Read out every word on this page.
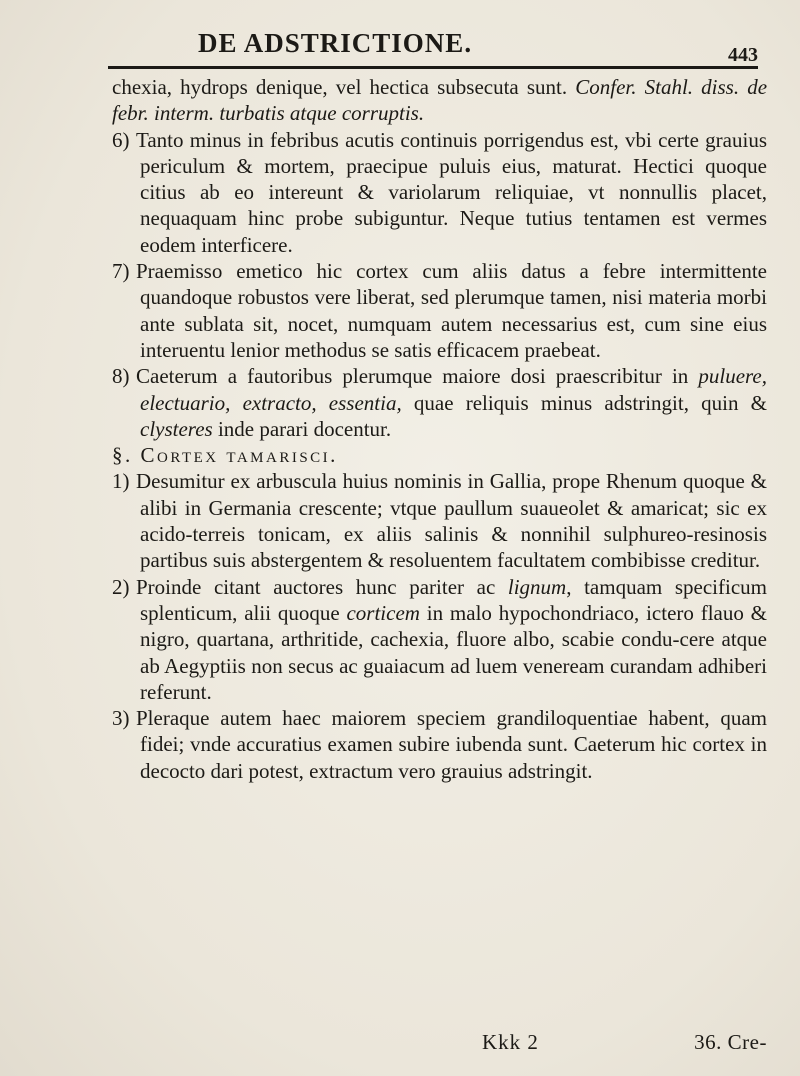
DE ADSTRICTIONE.	443

chexia, hydrops denique, vel hectica subsecuta sunt. Confer. Stahl. diss. de febr. interm. turbatis atque corruptis.

6) Tanto minus in febribus acutis continuis porrigendus est, vbi certe grauius periculum & mortem, praecipue puluis eius, maturat. Hectici quoque citius ab eo intereunt & variolarum reliquiae, vt nonnullis placet, nequaquam hinc probe subiguntur. Neque tutius tentamen est vermes eodem interficere.

7) Praemisso emetico hic cortex cum aliis datus a febre intermittente quandoque robustos vere liberat, sed plerumque tamen, nisi materia morbi ante sublata sit, nocet, numquam autem necessarius est, cum sine eius interuentu lenior methodus se satis efficacem praebeat.

8) Caeterum a fautoribus plerumque maiore dosi praescribitur in puluere, electuario, extracto, essentia, quae reliquis minus adstringit, quin & clysteres inde parari docentur.

§. Cortex tamarisci.

1) Desumitur ex arbuscula huius nominis in Gallia, prope Rhenum quoque & alibi in Germania crescente; vtque paullum suaueolet & amaricat; sic ex acido-terreis tonicam, ex aliis salinis & nonnihil sulphureo-resinosis partibus suis abstergentem & resoluentem facultatem combibisse creditur.

2) Proinde citant auctores hunc pariter ac lignum, tamquam specificum splenticum, alii quoque corticem in malo hypochondriaco, ictero flauo & nigro, quartana, arthritide, cachexia, fluore albo, scabie condu-cere atque ab Aegyptiis non secus ac guaiacum ad luem veneream curandam adhiberi referunt.

3) Pleraque autem haec maiorem speciem grandiloquentiae habent, quam fidei; vnde accuratius examen subire iubenda sunt. Caeterum hic cortex in decocto dari potest, extractum vero grauius adstringit.

Kkk 2	36. Cre-
